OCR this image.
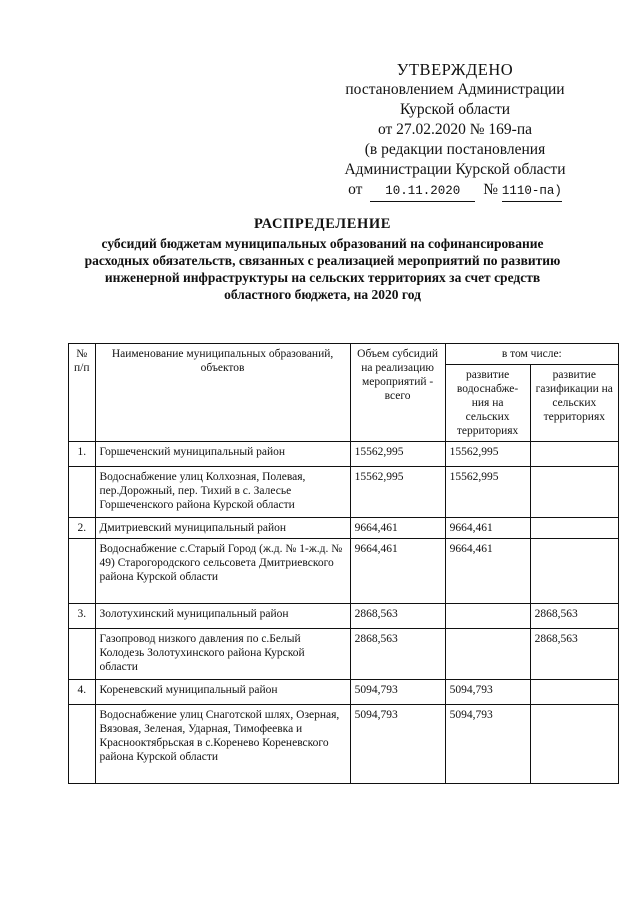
УТВЕРЖДЕНО
постановлением Администрации
Курской области
от 27.02.2020 № 169-па
(в редакции постановления
Администрации Курской области
от 10.11.2020 № 1110-па)
РАСПРЕДЕЛЕНИЕ
субсидий бюджетам муниципальных образований на софинансирование
расходных обязательств, связанных с реализацией мероприятий по развитию
инженерной инфраструктуры на сельских территориях за счет средств
областного бюджета, на 2020 год
№ п/п	Наименование муниципальных образований, объектов	Объем субсидий на реализацию мероприятий - всего	в том числе:	
			развитие водоснабже-ния на сельских территориях	развитие газификации на сельских территориях
1.	Горшеченский муниципальный район	15562,995	15562,995	
	Водоснабжение улиц Колхозная, Полевая, пер.Дорожный, пер. Тихий в с. Залесье Горшеченского района Курской области	15562,995	15562,995	
2.	Дмитриевский муниципальный район	9664,461	9664,461	
	Водоснабжение с.Старый Город (ж.д. № 1-ж.д. № 49) Старогородского сельсовета Дмитриевского района Курской области	9664,461	9664,461	
3.	Золотухинский муниципальный район	2868,563		2868,563
	Газопровод низкого давления по с.Белый Колодезь Золотухинского района Курской области	2868,563		2868,563
4.	Кореневский муниципальный район	5094,793	5094,793	
	Водоснабжение улиц Снаготской шлях, Озерная, Вязовая, Зеленая, Ударная, Тимофеевка и Краснооктябрьская в с.Коренево Кореневского района Курской области	5094,793	5094,793	
